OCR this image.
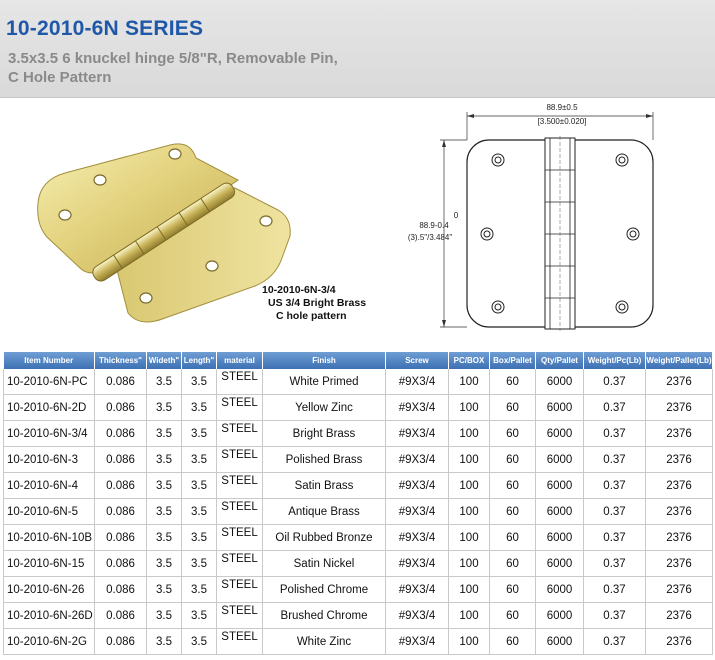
10-2010-6N SERIES
3.5x3.5 6 knuckel hinge 5/8"R, Removable Pin,
C Hole Pattern
10-2010-6N-3/4
US 3/4 Bright Brass
C hole pattern
88.9±0.5
[3.500±0.020]
0
88.9-0.4
(3).5"/3.484"
Item Number	Thickness"	Wideth"	Length"	material	Finish	Screw	PC/BOX	Box/Pallet	Qty/Pallet	Weight/Pc(Lb)	Weight/Pallet(Lb)
10-2010-6N-PC	0.086	3.5	3.5	STEEL	White Primed	#9X3/4	100	60	6000	0.37	2376
10-2010-6N-2D	0.086	3.5	3.5	STEEL	Yellow Zinc	#9X3/4	100	60	6000	0.37	2376
10-2010-6N-3/4	0.086	3.5	3.5	STEEL	Bright Brass	#9X3/4	100	60	6000	0.37	2376
10-2010-6N-3	0.086	3.5	3.5	STEEL	Polished Brass	#9X3/4	100	60	6000	0.37	2376
10-2010-6N-4	0.086	3.5	3.5	STEEL	Satin Brass	#9X3/4	100	60	6000	0.37	2376
10-2010-6N-5	0.086	3.5	3.5	STEEL	Antique Brass	#9X3/4	100	60	6000	0.37	2376
10-2010-6N-10B	0.086	3.5	3.5	STEEL	Oil Rubbed Bronze	#9X3/4	100	60	6000	0.37	2376
10-2010-6N-15	0.086	3.5	3.5	STEEL	Satin Nickel	#9X3/4	100	60	6000	0.37	2376
10-2010-6N-26	0.086	3.5	3.5	STEEL	Polished Chrome	#9X3/4	100	60	6000	0.37	2376
10-2010-6N-26D	0.086	3.5	3.5	STEEL	Brushed Chrome	#9X3/4	100	60	6000	0.37	2376
10-2010-6N-2G	0.086	3.5	3.5	STEEL	White Zinc	#9X3/4	100	60	6000	0.37	2376
